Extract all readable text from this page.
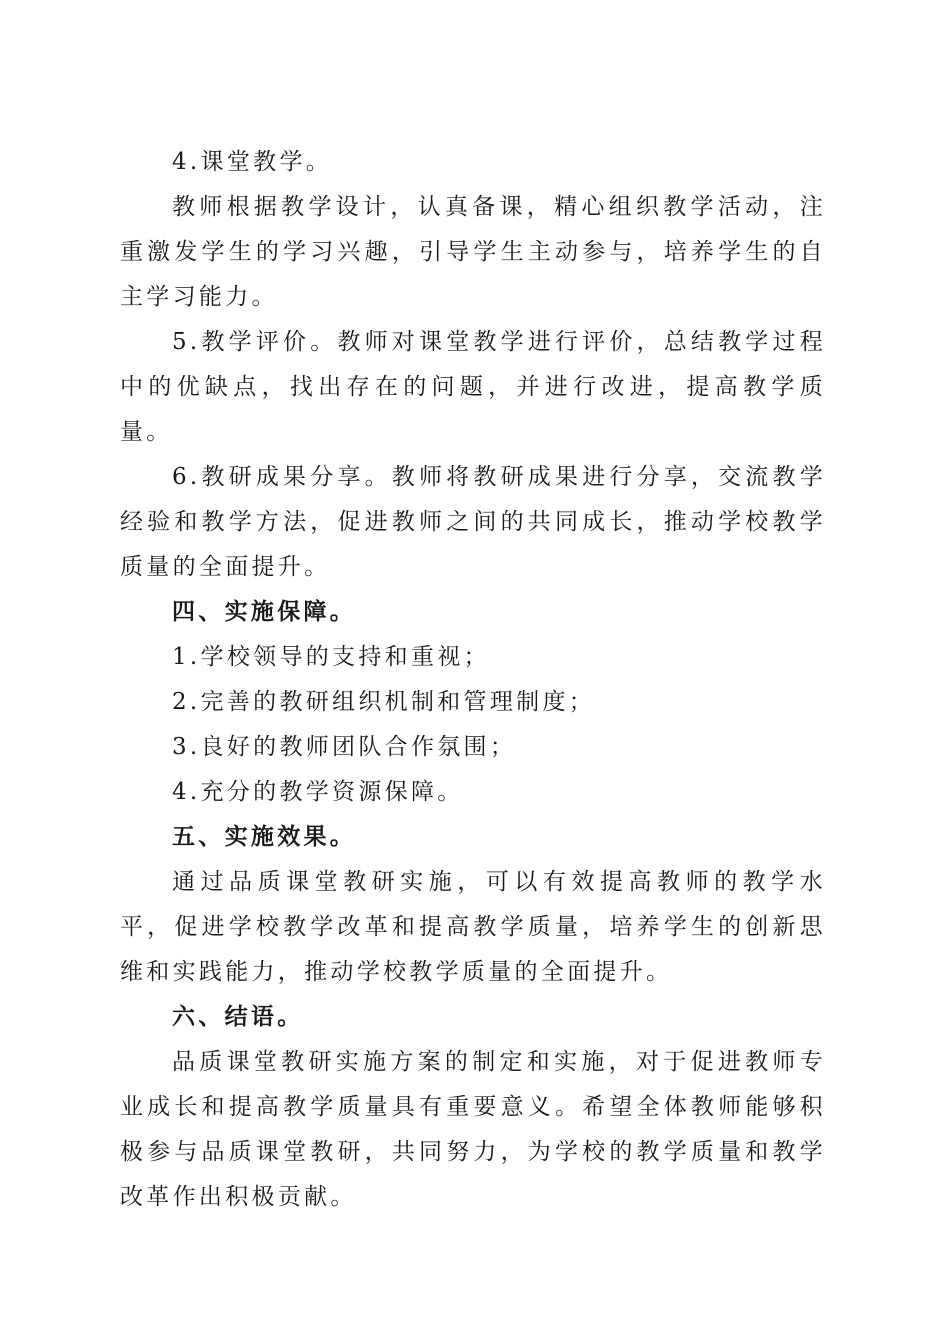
4.课堂教学。

教师根据教学设计，认真备课，精心组织教学活动，注重激发学生的学习兴趣，引导学生主动参与，培养学生的自主学习能力。

5.教学评价。教师对课堂教学进行评价，总结教学过程中的优缺点，找出存在的问题，并进行改进，提高教学质量。

6.教研成果分享。教师将教研成果进行分享，交流教学经验和教学方法，促进教师之间的共同成长，推动学校教学质量的全面提升。

四、实施保障。

1.学校领导的支持和重视；

2.完善的教研组织机制和管理制度；

3.良好的教师团队合作氛围；

4.充分的教学资源保障。

五、实施效果。

通过品质课堂教研实施，可以有效提高教师的教学水平，促进学校教学改革和提高教学质量，培养学生的创新思维和实践能力，推动学校教学质量的全面提升。

六、结语。

品质课堂教研实施方案的制定和实施，对于促进教师专业成长和提高教学质量具有重要意义。希望全体教师能够积极参与品质课堂教研，共同努力，为学校的教学质量和教学改革作出积极贡献。
